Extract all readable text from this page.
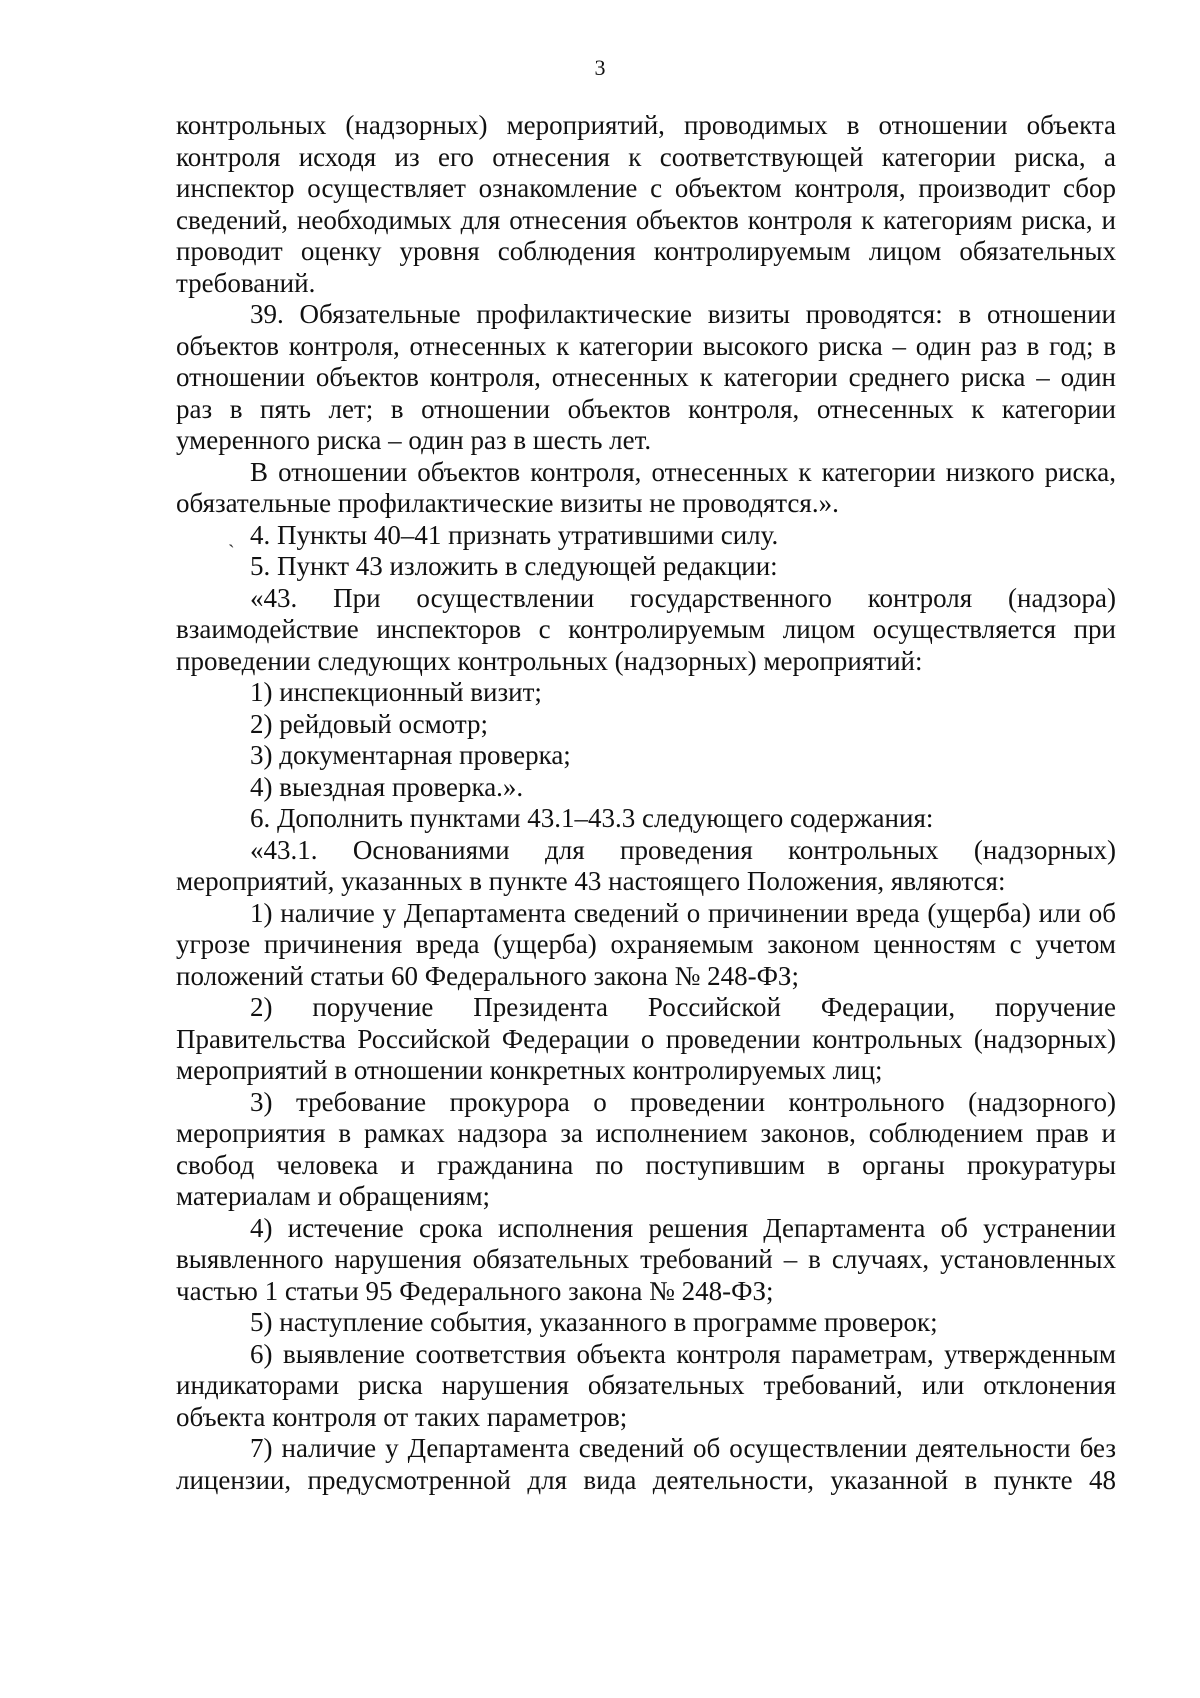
3

контрольных (надзорных) мероприятий, проводимых в отношении объекта контроля исходя из его отнесения к соответствующей категории риска, а инспектор осуществляет ознакомление с объектом контроля, производит сбор сведений, необходимых для отнесения объектов контроля к категориям риска, и проводит оценку уровня соблюдения контролируемым лицом обязательных требований.

39. Обязательные профилактические визиты проводятся: в отношении объектов контроля, отнесенных к категории высокого риска – один раз в год; в отношении объектов контроля, отнесенных к категории среднего риска – один раз в пять лет; в отношении объектов контроля, отнесенных к категории умеренного риска – один раз в шесть лет.

В отношении объектов контроля, отнесенных к категории низкого риска, обязательные профилактические визиты не проводятся.».

ˏ 4. Пункты 40–41 признать утратившими силу.

5. Пункт 43 изложить в следующей редакции:

«43. При осуществлении государственного контроля (надзора) взаимодействие инспекторов с контролируемым лицом осуществляется при проведении следующих контрольных (надзорных) мероприятий:

1) инспекционный визит;

2) рейдовый осмотр;

3) документарная проверка;

4) выездная проверка.».

6. Дополнить пунктами 43.1–43.3 следующего содержания:

«43.1. Основаниями для проведения контрольных (надзорных) мероприятий, указанных в пункте 43 настоящего Положения, являются:

1) наличие у Департамента сведений о причинении вреда (ущерба) или об угрозе причинения вреда (ущерба) охраняемым законом ценностям с учетом положений статьи 60 Федерального закона № 248-ФЗ;

2) поручение Президента Российской Федерации, поручение Правительства Российской Федерации о проведении контрольных (надзорных) мероприятий в отношении конкретных контролируемых лиц;

3) требование прокурора о проведении контрольного (надзорного) мероприятия в рамках надзора за исполнением законов, соблюдением прав и свобод человека и гражданина по поступившим в органы прокуратуры материалам и обращениям;

4) истечение срока исполнения решения Департамента об устранении выявленного нарушения обязательных требований – в случаях, установленных частью 1 статьи 95 Федерального закона № 248-ФЗ;

5) наступление события, указанного в программе проверок;

6) выявление соответствия объекта контроля параметрам, утвержденным индикаторами риска нарушения обязательных требований, или отклонения объекта контроля от таких параметров;

7) наличие у Департамента сведений об осуществлении деятельности без лицензии, предусмотренной для вида деятельности, указанной в пункте 48
